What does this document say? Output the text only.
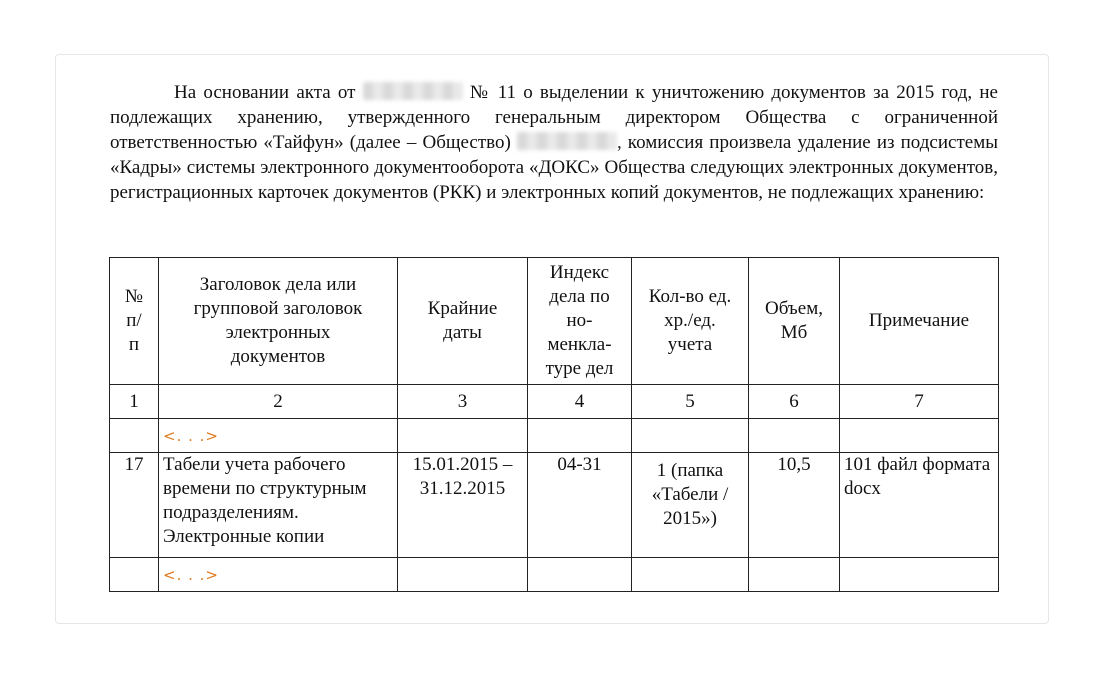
На основании акта от	№ 11 о выделении к уничтожению документов за 2015 год, не подлежащих хранению, утвержденного генеральным директором Общества с ограниченной ответственностью «Тайфун» (далее – Общество)	, комиссия произвела удаление из подсистемы «Кадры» системы электронного документооборота «ДОКС» Общества следующих электронных документов, регистрационных карточек документов (РКК) и электронных копий документов, не подлежащих хранению:

№ п/п	Заголовок дела или групповой заголовок электронных документов	Крайние даты	Индекс дела по но-менкла-туре дел	Кол-во ед. хр./ед. учета	Объем, Мб	Примечание
1	2	3	4	5	6	7
	<. . .>					
17	Табели учета рабочего времени по структурным подразделениям. Электронные копии	15.01.2015 – 31.12.2015	04-31	1 (папка «Табели / 2015»)	10,5	101 файл формата docx
	<. . .>					
